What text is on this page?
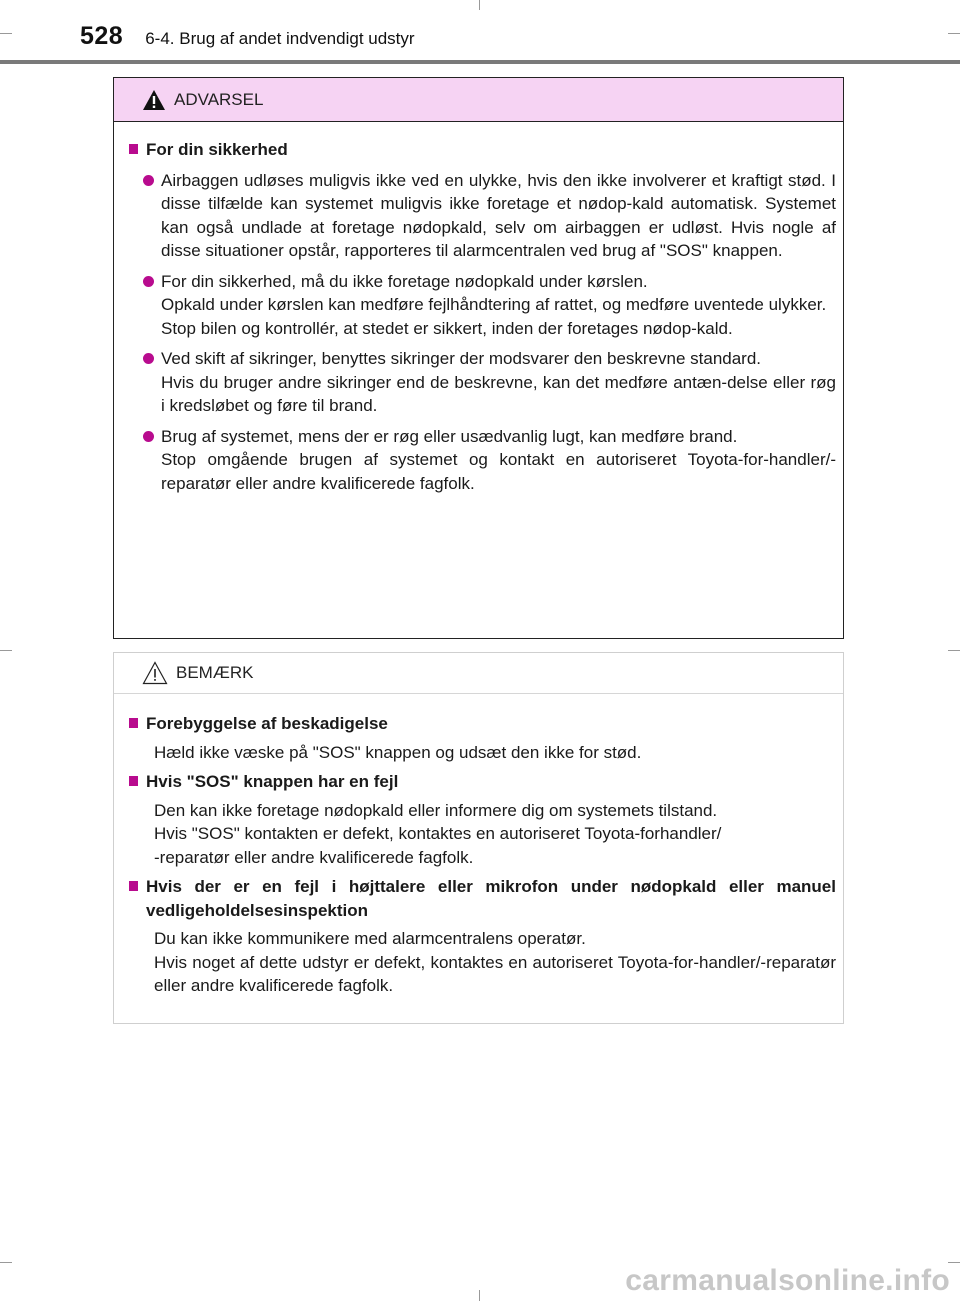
528 6-4. Brug af andet indvendigt udstyr
ADVARSEL
For din sikkerhed
Airbaggen udløses muligvis ikke ved en ulykke, hvis den ikke involverer et kraftigt stød. I disse tilfælde kan systemet muligvis ikke foretage et nødop-kald automatisk. Systemet kan også undlade at foretage nødopkald, selv om airbaggen er udløst. Hvis nogle af disse situationer opstår, rapporteres til alarmcentralen ved brug af "SOS" knappen.
For din sikkerhed, må du ikke foretage nødopkald under kørslen.
Opkald under kørslen kan medføre fejlhåndtering af rattet, og medføre uventede ulykker.
Stop bilen og kontrollér, at stedet er sikkert, inden der foretages nødop-kald.
Ved skift af sikringer, benyttes sikringer der modsvarer den beskrevne standard.
Hvis du bruger andre sikringer end de beskrevne, kan det medføre antæn-delse eller røg i kredsløbet og føre til brand.
Brug af systemet, mens der er røg eller usædvanlig lugt, kan medføre brand.
Stop omgående brugen af systemet og kontakt en autoriseret Toyota-for-handler/-reparatør eller andre kvalificerede fagfolk.
BEMÆRK
Forebyggelse af beskadigelse
Hæld ikke væske på "SOS" knappen og udsæt den ikke for stød.
Hvis "SOS" knappen har en fejl
Den kan ikke foretage nødopkald eller informere dig om systemets tilstand.
Hvis "SOS" kontakten er defekt, kontaktes en autoriseret Toyota-forhandler/
-reparatør eller andre kvalificerede fagfolk.
Hvis der er en fejl i højttalere eller mikrofon under nødopkald eller manuel vedligeholdelsesinspektion
Du kan ikke kommunikere med alarmcentralens operatør.
Hvis noget af dette udstyr er defekt, kontaktes en autoriseret Toyota-for-handler/-reparatør eller andre kvalificerede fagfolk.
carmanualsonline.info
